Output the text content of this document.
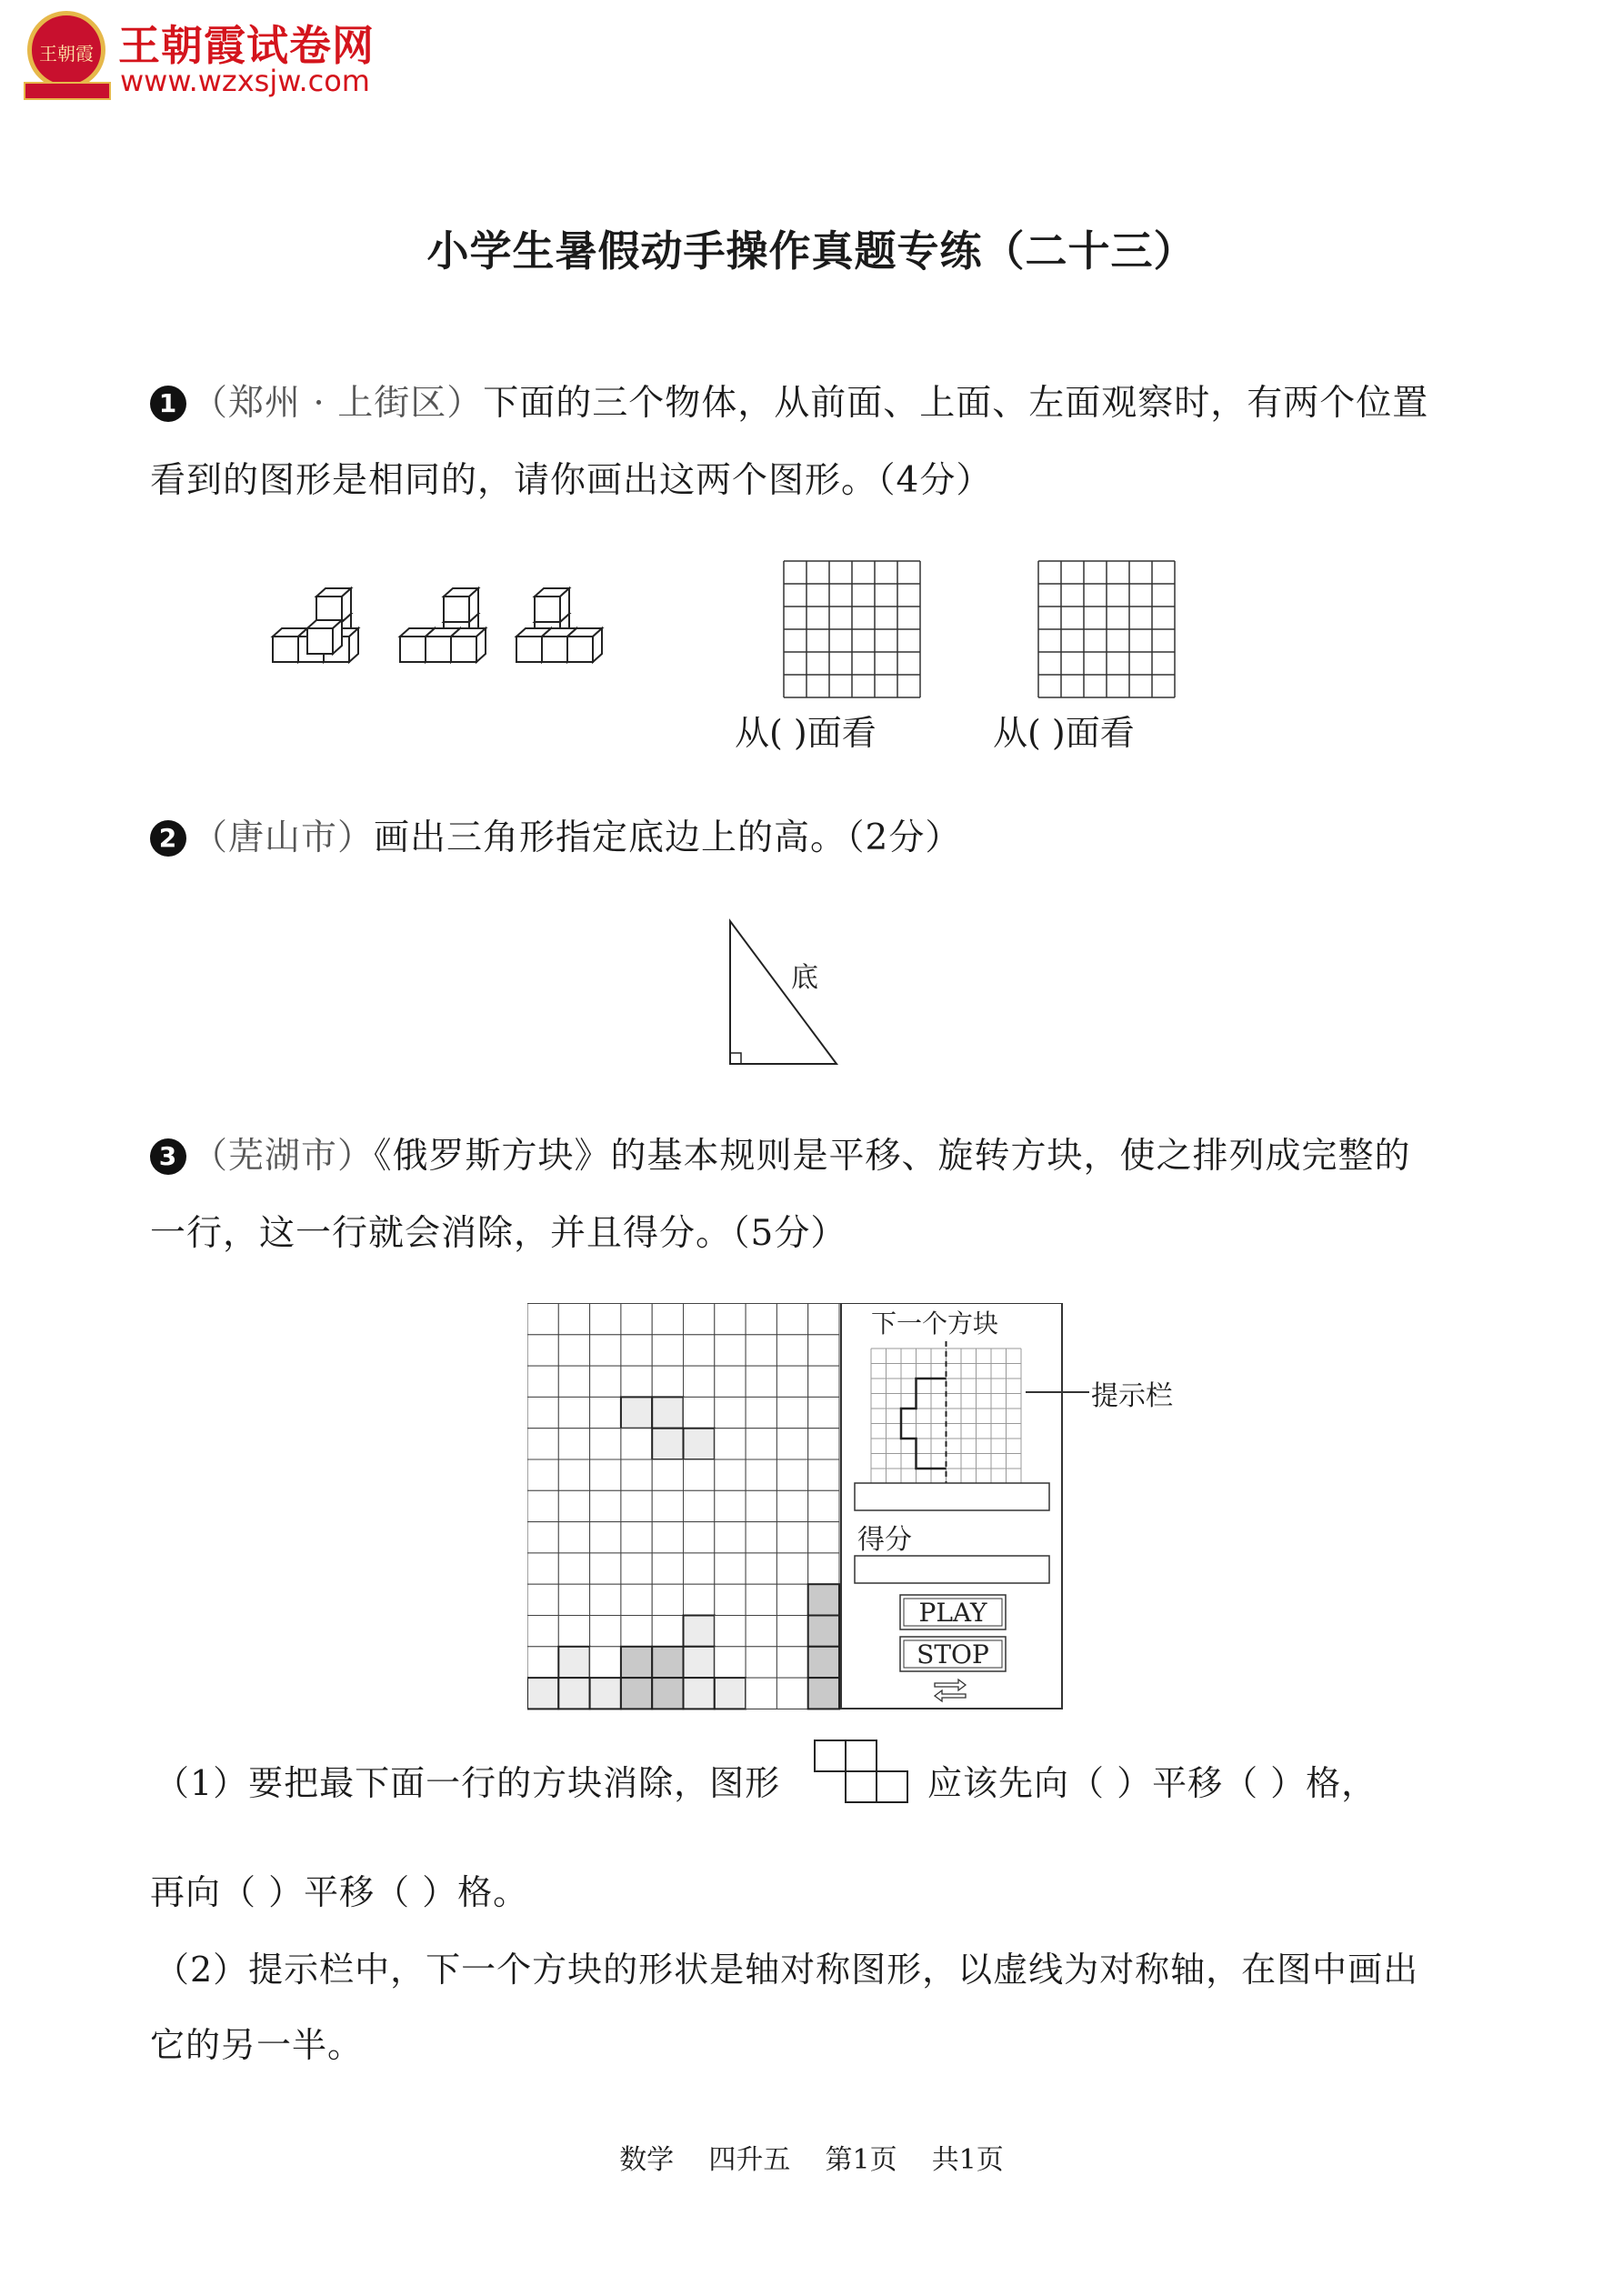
王朝霞 王朝霞试卷网
www.wzxsjw.com
小学生暑假动手操作真题专练（二十三）
1 （郑州 · 上街区）下面的三个物体，从前面、上面、左面观察时，有两个位置
看到的图形是相同的，请你画出这两个图形。（4分）
从( )面看	从( )面看
2 （唐山市）画出三角形指定底边上的高。（2分）
底
3 （芜湖市）《俄罗斯方块》的基本规则是平移、旋转方块，使之排列成完整的
一行，这一行就会消除，并且得分。（5分）
下一个方块
得分
PLAY
STOP
提示栏
（1）要把最下面一行的方块消除，图形	应该先向（ ）平移（ ）格，
再向（ ）平移（ ）格。
（2）提示栏中，下一个方块的形状是轴对称图形，以虚线为对称轴，在图中画出
它的另一半。
数学    四升五    第1页    共1页
